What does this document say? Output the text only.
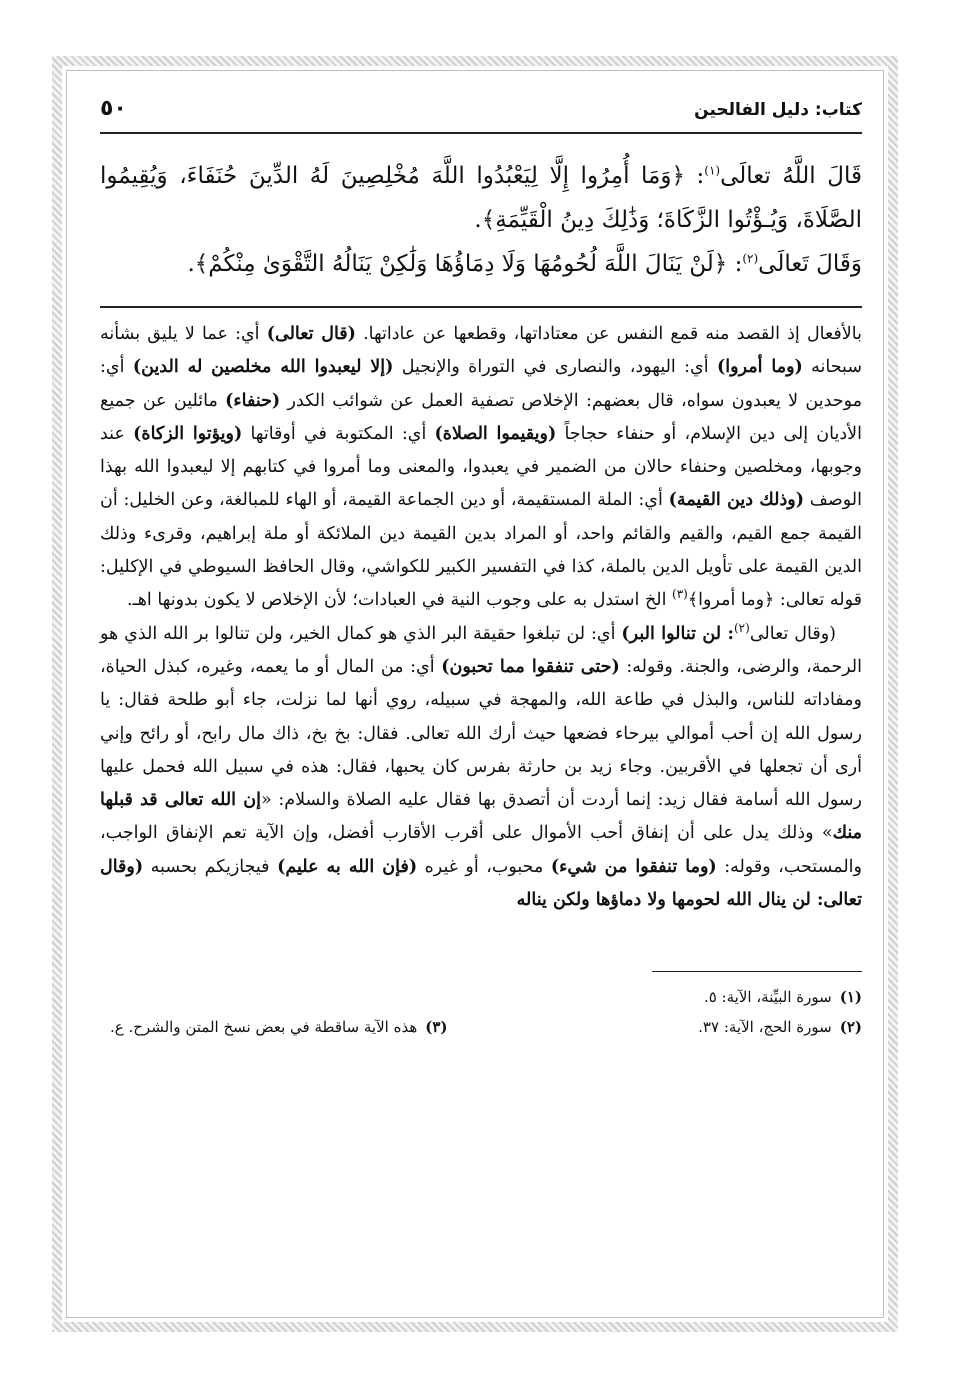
كتاب: دليل الفالحين
٥٠

قَالَ اللَّهُ تعالَى$^{(١)}$: ﴿وَمَا أُمِرُوا إِلَّا لِيَعْبُدُوا اللَّهَ مُخْلِصِينَ لَهُ الدِّينَ حُنَفَاءَ، وَيُقِيمُوا الصَّلَاةَ، وَيُـؤْتُوا الزَّكَاةَ؛ وَذَٰلِكَ دِينُ الْقَيِّمَةِ﴾.

وَقَالَ تَعالَى$^{(٢)}$: ﴿لَنْ يَنَالَ اللَّهَ لُحُومُهَا وَلَا دِمَاؤُهَا وَلَٰكِنْ يَنَالُهُ التَّقْوَىٰ مِنْكُمْ﴾.

بالأفعال إذ القصد منه قمع النفس عن معتاداتها، وقطعها عن عاداتها. (قال تعالى) أي: عما لا يليق بشأنه سبحانه (وما أمروا) أي: اليهود، والنصارى في التوراة والإنجيل (إلا ليعبدوا الله مخلصين له الدين) أي: موحدين لا يعبدون سواه، قال بعضهم: الإخلاص تصفية العمل عن شوائب الكدر (حنفاء) مائلين عن جميع الأديان إلى دين الإسلام، أو حنفاء حجاجاً (ويقيموا الصلاة) أي: المكتوبة في أوقاتها (ويؤتوا الزكاة) عند وجوبها، ومخلصين وحنفاء حالان من الضمير في يعبدوا، والمعنى وما أمروا في كتابهم إلا ليعبدوا الله بهذا الوصف (وذلك دين القيمة) أي: الملة المستقيمة، أو دين الجماعة القيمة، أو الهاء للمبالغة، وعن الخليل: أن القيمة جمع القيم، والقيم والقائم واحد، أو المراد بدين القيمة دين الملائكة أو ملة إبراهيم، وقرىء وذلك الدين القيمة على تأويل الدين بالملة، كذا في التفسير الكبير للكواشي، وقال الحافظ السيوطي في الإكليل: قوله تعالى: ﴿وما أمروا﴾$^{(٣)}$ الخ استدل به على وجوب النية في العبادات؛ لأن الإخلاص لا يكون بدونها اهـ.

(وقال تعالى$^{(٢)}$: لن تنالوا البر) أي: لن تبلغوا حقيقة البر الذي هو كمال الخير، ولن تنالوا بر الله الذي هو الرحمة، والرضى، والجنة. وقوله: (حتى تنفقوا مما تحبون) أي: من المال أو ما يعمه، وغيره، كبذل الحياة، ومفاداته للناس، والبذل في طاعة الله، والمهجة في سبيله، روي أنها لما نزلت، جاء أبو طلحة فقال: يا رسول الله إن أحب أموالي بيرحاء فضعها حيث أرك الله تعالى. فقال: بخ بخ، ذاك مال رابح، أو رائح وإني أرى أن تجعلها في الأقربين. وجاء زيد بن حارثة بفرس كان يحبها، فقال: هذه في سبيل الله فحمل عليها رسول الله أسامة فقال زيد: إنما أردت أن أتصدق بها فقال عليه الصلاة والسلام: «إن الله تعالى قد قبلها منك» وذلك يدل على أن إنفاق أحب الأموال على أقرب الأقارب أفضل، وإن الآية تعم الإنفاق الواجب، والمستحب، وقوله: (وما تنفقوا من شيء) محبوب، أو غيره (فإن الله به عليم) فيجازيكم بحسبه (وقال تعالى: لن ينال الله لحومها ولا دماؤها ولكن يناله

(١)سورة البيِّنة، الآية: ٥.
(٢)سورة الحج، الآية: ٣٧.
(٣)هذه الآية ساقطة في بعض نسخ المتن والشرح. ع.
